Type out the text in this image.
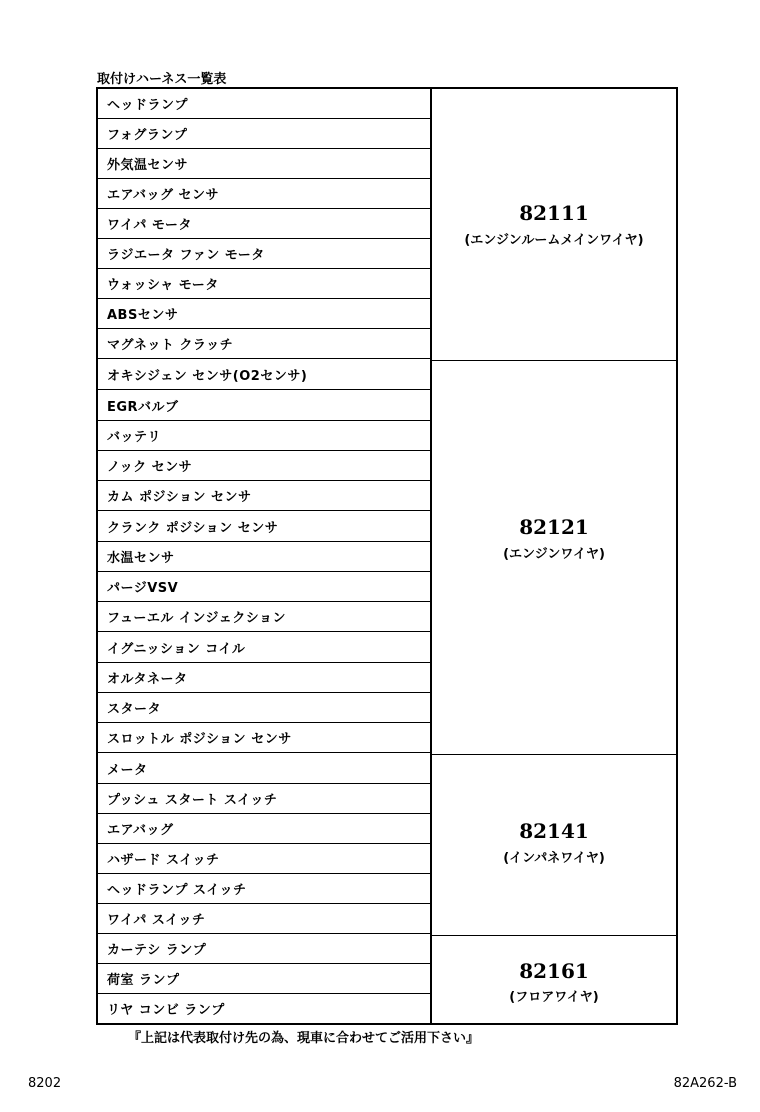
取付けハーネス一覧表
ヘッドランプ
フォグランプ
外気温センサ
エアバッグ センサ
ワイパ モータ
ラジエータ ファン モータ
ウォッシャ モータ
ABSセンサ
マグネット クラッチ
オキシジェン センサ(O2センサ)
EGRバルブ
バッテリ
ノック センサ
カム ポジション センサ
クランク ポジション センサ
水温センサ
パージVSV
フューエル インジェクション
イグニッション コイル
オルタネータ
スタータ
スロットル ポジション センサ
メータ
プッシュ スタート スイッチ
エアバッグ
ハザード スイッチ
ヘッドランプ スイッチ
ワイパ スイッチ
カーテシ ランプ
荷室 ランプ
リヤ コンビ ランプ
82111
(エンジンルームメインワイヤ)
82121
(エンジンワイヤ)
82141
(インパネワイヤ)
82161
(フロアワイヤ)
『上記は代表取付け先の為、現車に合わせてご活用下さい』
8202	82A262-B
